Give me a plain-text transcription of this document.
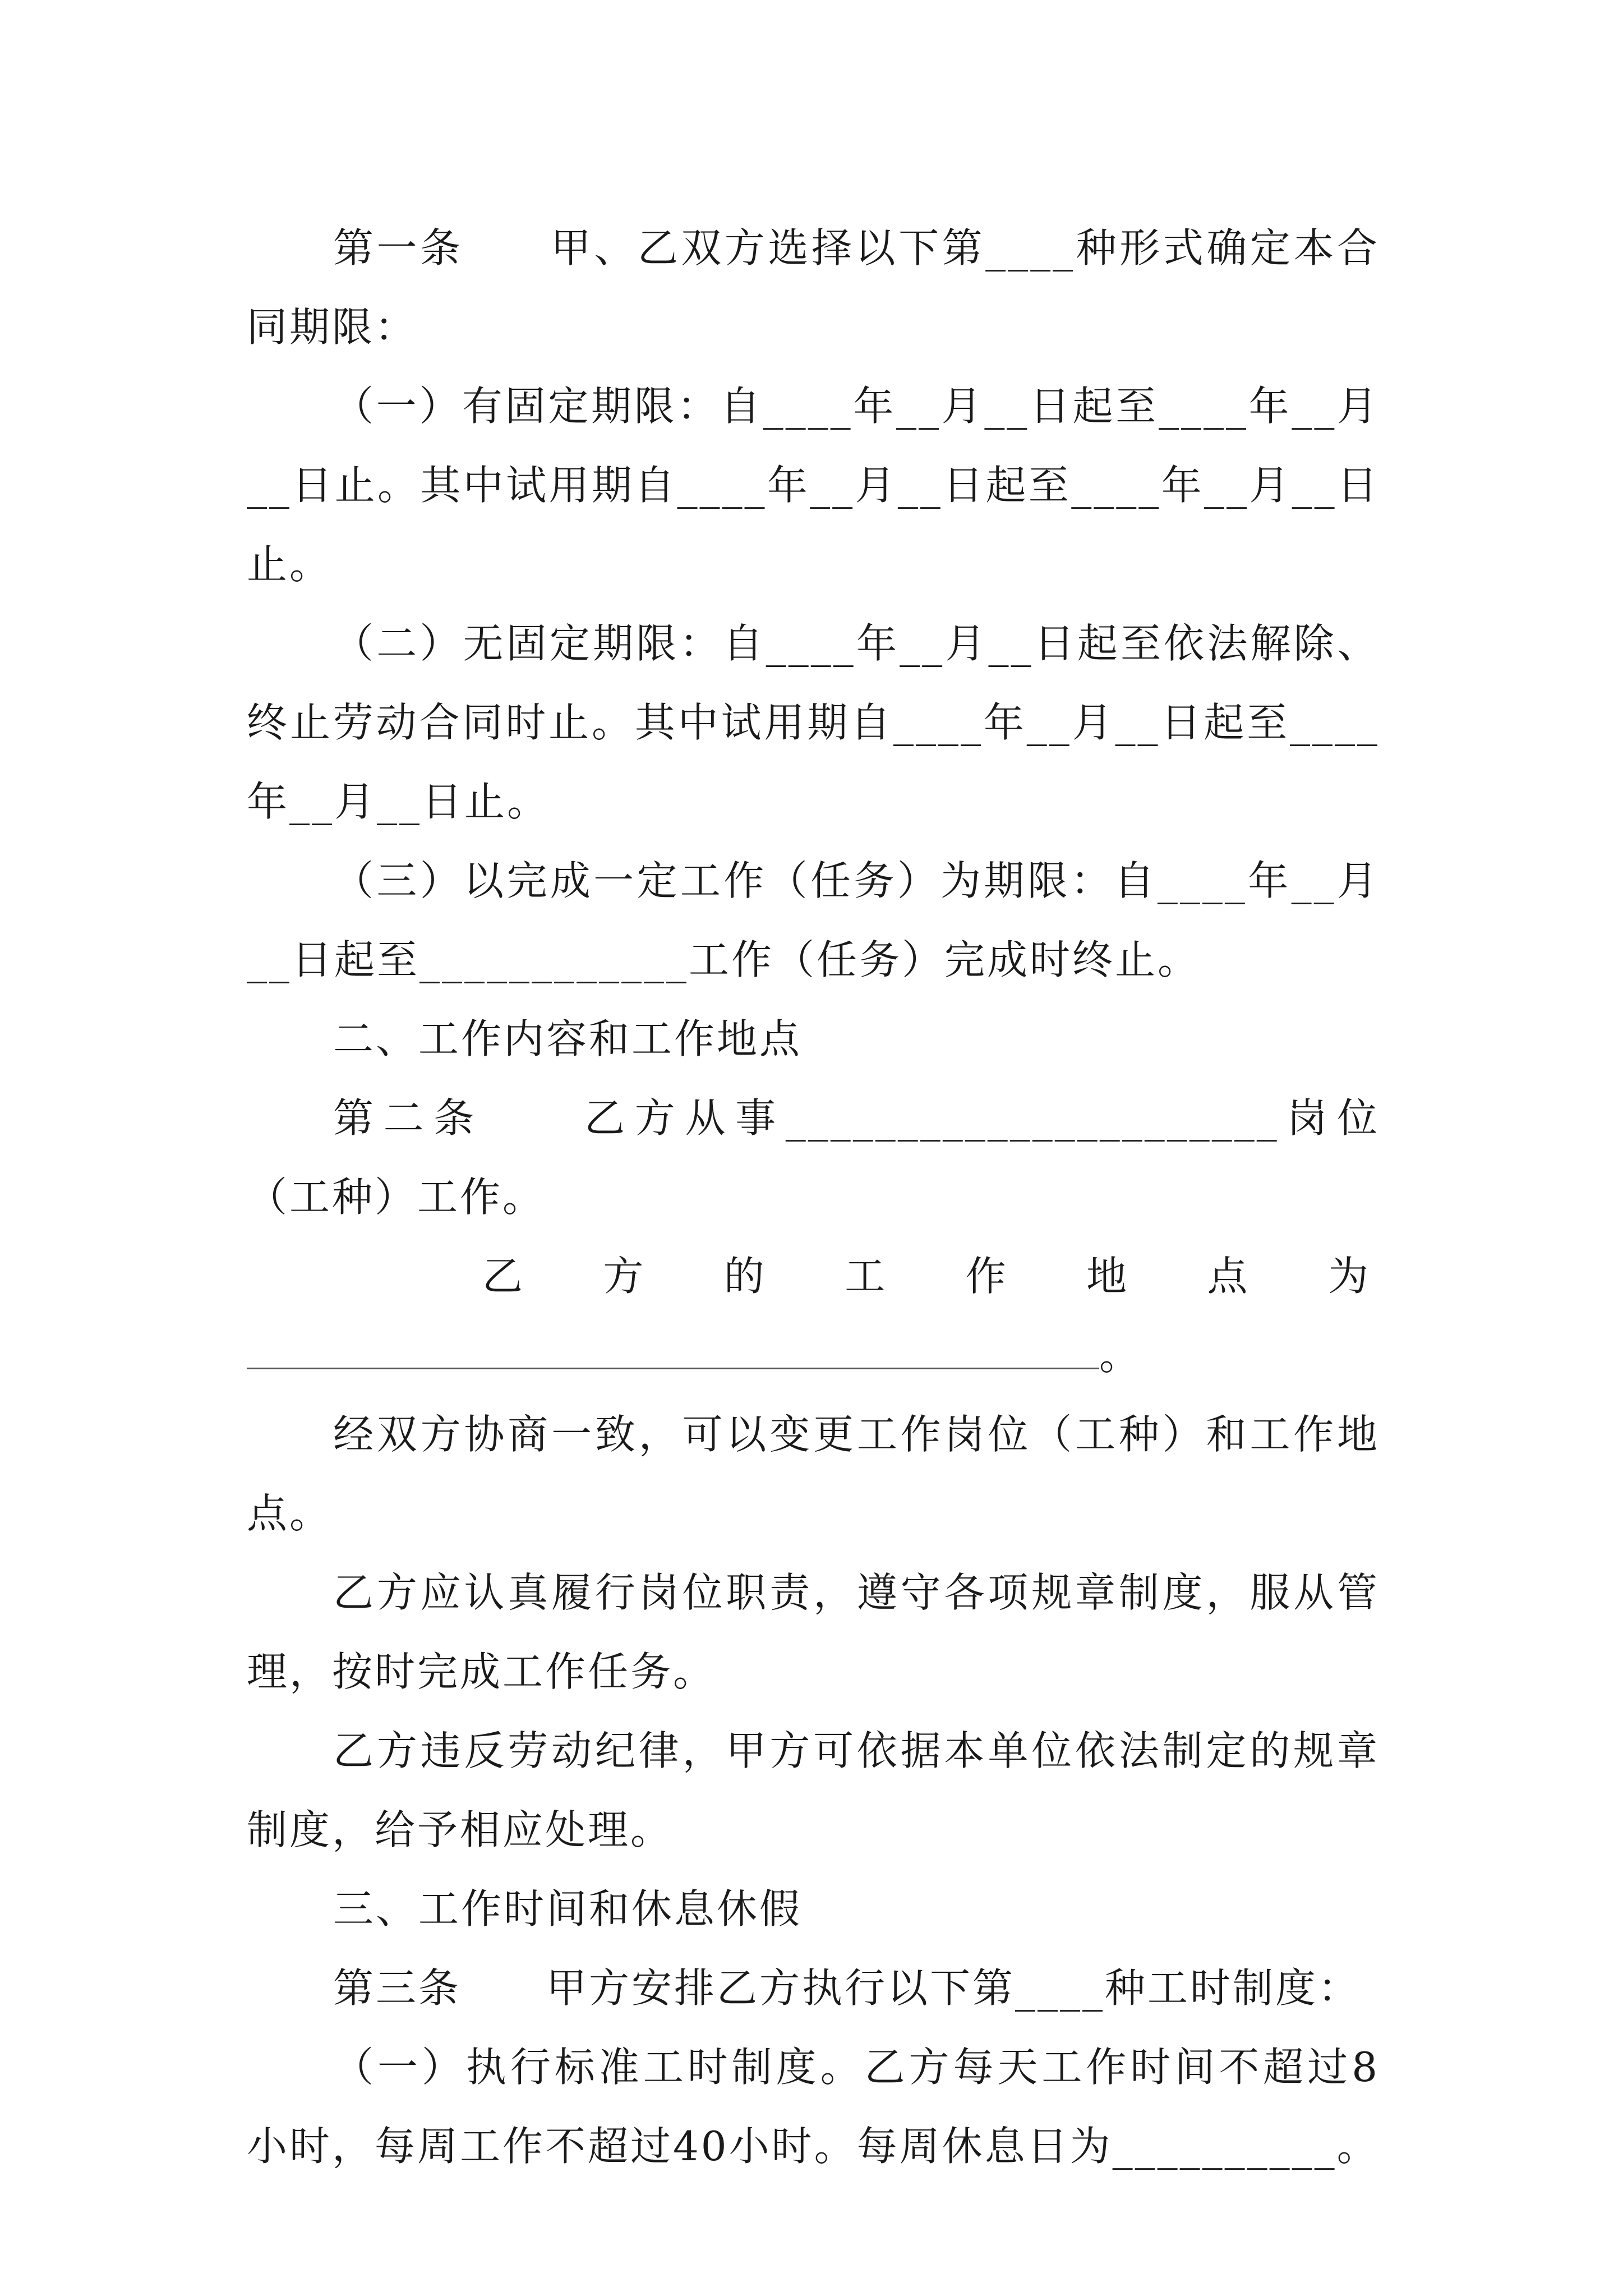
第一条　　甲、乙双方选择以下第____种形式确定本合同期限：

（一）有固定期限：自____年__月__日起至____年__月__日止。其中试用期自____年__月__日起至____年__月__日止。

（二）无固定期限：自____年__月__日起至依法解除、终止劳动合同时止。其中试用期自____年__月__日起至____年__月__日止。

（三）以完成一定工作（任务）为期限：自____年__月__日起至____________工作（任务）完成时终止。

二、工作内容和工作地点

第二条　　乙方从事______________________岗位（工种）工作。

乙方的工作地点为

。

经双方协商一致，可以变更工作岗位（工种）和工作地点。

乙方应认真履行岗位职责，遵守各项规章制度，服从管理，按时完成工作任务。

乙方违反劳动纪律，甲方可依据本单位依法制定的规章制度，给予相应处理。

三、工作时间和休息休假

第三条　　甲方安排乙方执行以下第____种工时制度：

（一）执行标准工时制度。乙方每天工作时间不超过8小时，每周工作不超过40小时。每周休息日为__________。
